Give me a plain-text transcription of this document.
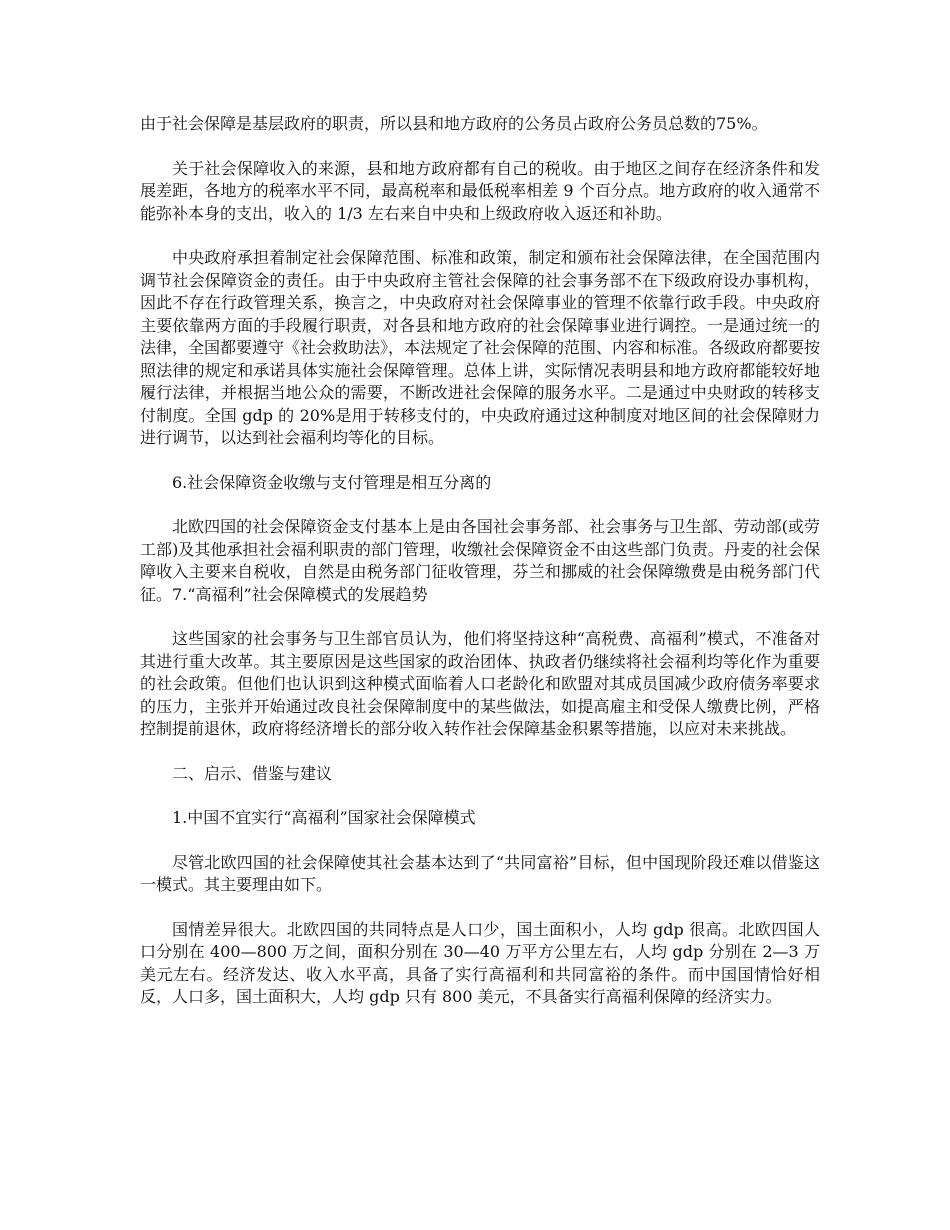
由于社会保障是基层政府的职责，所以县和地方政府的公务员占政府公务员总数的75%。

关于社会保障收入的来源，县和地方政府都有自己的税收。由于地区之间存在经济条件和发展差距，各地方的税率水平不同，最高税率和最低税率相差 9 个百分点。地方政府的收入通常不能弥补本身的支出，收入的 1/3 左右来自中央和上级政府收入返还和补助。

中央政府承担着制定社会保障范围、标准和政策，制定和颁布社会保障法律，在全国范围内调节社会保障资金的责任。由于中央政府主管社会保障的社会事务部不在下级政府设办事机构，因此不存在行政管理关系，换言之，中央政府对社会保障事业的管理不依靠行政手段。中央政府主要依靠两方面的手段履行职责，对各县和地方政府的社会保障事业进行调控。一是通过统一的法律，全国都要遵守《社会救助法》，本法规定了社会保障的范围、内容和标准。各级政府都要按照法律的规定和承诺具体实施社会保障管理。总体上讲，实际情况表明县和地方政府都能较好地履行法律，并根据当地公众的需要，不断改进社会保障的服务水平。二是通过中央财政的转移支付制度。全国 gdp 的 20%是用于转移支付的，中央政府通过这种制度对地区间的社会保障财力进行调节，以达到社会福利均等化的目标。

6.社会保障资金收缴与支付管理是相互分离的

北欧四国的社会保障资金支付基本上是由各国社会事务部、社会事务与卫生部、劳动部(或劳工部)及其他承担社会福利职责的部门管理，收缴社会保障资金不由这些部门负责。丹麦的社会保障收入主要来自税收，自然是由税务部门征收管理，芬兰和挪威的社会保障缴费是由税务部门代征。7.“高福利”社会保障模式的发展趋势

这些国家的社会事务与卫生部官员认为，他们将坚持这种“高税费、高福利”模式，不准备对其进行重大改革。其主要原因是这些国家的政治团体、执政者仍继续将社会福利均等化作为重要的社会政策。但他们也认识到这种模式面临着人口老龄化和欧盟对其成员国减少政府债务率要求的压力，主张并开始通过改良社会保障制度中的某些做法，如提高雇主和受保人缴费比例，严格控制提前退休，政府将经济增长的部分收入转作社会保障基金积累等措施，以应对未来挑战。

二、启示、借鉴与建议

1.中国不宜实行“高福利”国家社会保障模式

尽管北欧四国的社会保障使其社会基本达到了“共同富裕”目标，但中国现阶段还难以借鉴这一模式。其主要理由如下。

国情差异很大。北欧四国的共同特点是人口少，国土面积小，人均 gdp 很高。北欧四国人口分别在 400—800 万之间，面积分别在 30—40 万平方公里左右，人均 gdp 分别在 2—3 万美元左右。经济发达、收入水平高，具备了实行高福利和共同富裕的条件。而中国国情恰好相反，人口多，国土面积大，人均 gdp 只有 800 美元，不具备实行高福利保障的经济实力。
